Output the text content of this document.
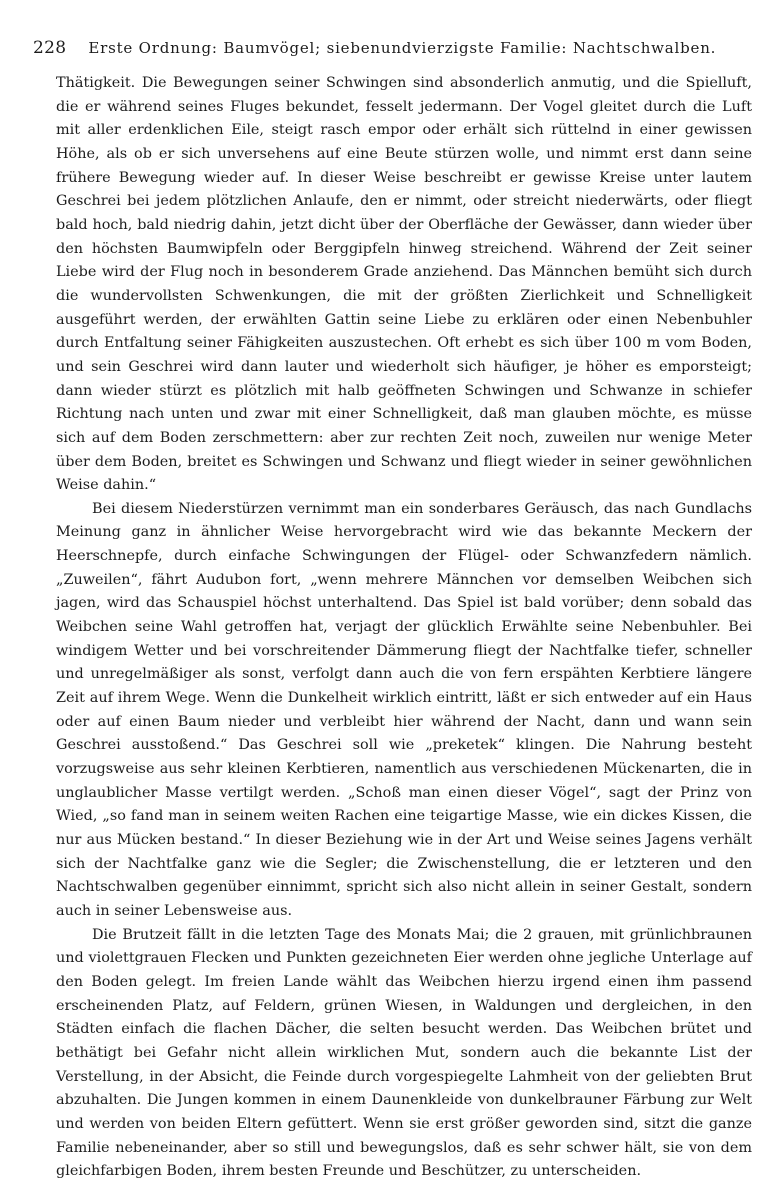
228 Erste Ordnung: Baumvögel; siebenundvierzigste Familie: Nachtschwalben.

Thätigkeit. Die Bewegungen seiner Schwingen sind absonderlich anmutig, und die Spielluft, die er während seines Fluges bekundet, fesselt jedermann. Der Vogel gleitet durch die Luft mit aller erdenklichen Eile, steigt rasch empor oder erhält sich rüttelnd in einer gewissen Höhe, als ob er sich unversehens auf eine Beute stürzen wolle, und nimmt erst dann seine frühere Bewegung wieder auf. In dieser Weise beschreibt er gewisse Kreise unter lautem Geschrei bei jedem plötzlichen Anlaufe, den er nimmt, oder streicht niederwärts, oder fliegt bald hoch, bald niedrig dahin, jetzt dicht über der Oberfläche der Gewässer, dann wieder über den höchsten Baumwipfeln oder Berggipfeln hinweg streichend. Während der Zeit seiner Liebe wird der Flug noch in besonderem Grade anziehend. Das Männchen bemüht sich durch die wundervollsten Schwenkungen, die mit der größten Zierlichkeit und Schnelligkeit ausgeführt werden, der erwählten Gattin seine Liebe zu erklären oder einen Nebenbuhler durch Entfaltung seiner Fähigkeiten auszustechen. Oft erhebt es sich über 100 m vom Boden, und sein Geschrei wird dann lauter und wiederholt sich häufiger, je höher es emporsteigt; dann wieder stürzt es plötzlich mit halb geöffneten Schwingen und Schwanze in schiefer Richtung nach unten und zwar mit einer Schnelligkeit, daß man glauben möchte, es müsse sich auf dem Boden zerschmettern: aber zur rechten Zeit noch, zuweilen nur wenige Meter über dem Boden, breitet es Schwingen und Schwanz und fliegt wieder in seiner gewöhnlichen Weise dahin.“

Bei diesem Niederstürzen vernimmt man ein sonderbares Geräusch, das nach Gundlachs Meinung ganz in ähnlicher Weise hervorgebracht wird wie das bekannte Meckern der Heerschnepfe, durch einfache Schwingungen der Flügel- oder Schwanzfedern nämlich. „Zuweilen“, fährt Audubon fort, „wenn mehrere Männchen vor demselben Weibchen sich jagen, wird das Schauspiel höchst unterhaltend. Das Spiel ist bald vorüber; denn sobald das Weibchen seine Wahl getroffen hat, verjagt der glücklich Erwählte seine Nebenbuhler. Bei windigem Wetter und bei vorschreitender Dämmerung fliegt der Nachtfalke tiefer, schneller und unregelmäßiger als sonst, verfolgt dann auch die von fern erspähten Kerbtiere längere Zeit auf ihrem Wege. Wenn die Dunkelheit wirklich eintritt, läßt er sich entweder auf ein Haus oder auf einen Baum nieder und verbleibt hier während der Nacht, dann und wann sein Geschrei ausstoßend.“ Das Geschrei soll wie „preketek“ klingen. Die Nahrung besteht vorzugsweise aus sehr kleinen Kerbtieren, namentlich aus verschiedenen Mückenarten, die in unglaublicher Masse vertilgt werden. „Schoß man einen dieser Vögel“, sagt der Prinz von Wied, „so fand man in seinem weiten Rachen eine teigartige Masse, wie ein dickes Kissen, die nur aus Mücken bestand.“ In dieser Beziehung wie in der Art und Weise seines Jagens verhält sich der Nachtfalke ganz wie die Segler; die Zwischenstellung, die er letzteren und den Nachtschwalben gegenüber einnimmt, spricht sich also nicht allein in seiner Gestalt, sondern auch in seiner Lebensweise aus.

Die Brutzeit fällt in die letzten Tage des Monats Mai; die 2 grauen, mit grünlichbraunen und violettgrauen Flecken und Punkten gezeichneten Eier werden ohne jegliche Unterlage auf den Boden gelegt. Im freien Lande wählt das Weibchen hierzu irgend einen ihm passend erscheinenden Platz, auf Feldern, grünen Wiesen, in Waldungen und dergleichen, in den Städten einfach die flachen Dächer, die selten besucht werden. Das Weibchen brütet und bethätigt bei Gefahr nicht allein wirklichen Mut, sondern auch die bekannte List der Verstellung, in der Absicht, die Feinde durch vorgespiegelte Lahmheit von der geliebten Brut abzuhalten. Die Jungen kommen in einem Daunenkleide von dunkelbrauner Färbung zur Welt und werden von beiden Eltern gefüttert. Wenn sie erst größer geworden sind, sitzt die ganze Familie nebeneinander, aber so still und bewegungslos, daß es sehr schwer hält, sie von dem gleichfarbigen Boden, ihrem besten Freunde und Beschützer, zu unterscheiden.
